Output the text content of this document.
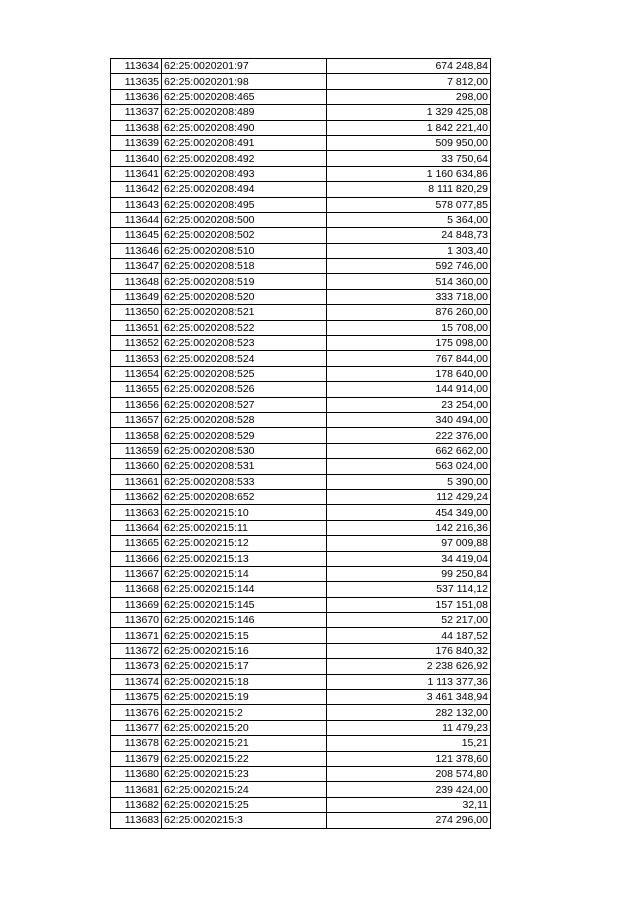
113634	62:25:0020201:97	674 248,84
113635	62:25:0020201:98	7 812,00
113636	62:25:0020208:465	298,00
113637	62:25:0020208:489	1 329 425,08
113638	62:25:0020208:490	1 842 221,40
113639	62:25:0020208:491	509 950,00
113640	62:25:0020208:492	33 750,64
113641	62:25:0020208:493	1 160 634,86
113642	62:25:0020208:494	8 111 820,29
113643	62:25:0020208:495	578 077,85
113644	62:25:0020208:500	5 364,00
113645	62:25:0020208:502	24 848,73
113646	62:25:0020208:510	1 303,40
113647	62:25:0020208:518	592 746,00
113648	62:25:0020208:519	514 360,00
113649	62:25:0020208:520	333 718,00
113650	62:25:0020208:521	876 260,00
113651	62:25:0020208:522	15 708,00
113652	62:25:0020208:523	175 098,00
113653	62:25:0020208:524	767 844,00
113654	62:25:0020208:525	178 640,00
113655	62:25:0020208:526	144 914,00
113656	62:25:0020208:527	23 254,00
113657	62:25:0020208:528	340 494,00
113658	62:25:0020208:529	222 376,00
113659	62:25:0020208:530	662 662,00
113660	62:25:0020208:531	563 024,00
113661	62:25:0020208:533	5 390,00
113662	62:25:0020208:652	112 429,24
113663	62:25:0020215:10	454 349,00
113664	62:25:0020215:11	142 216,36
113665	62:25:0020215:12	97 009,88
113666	62:25:0020215:13	34 419,04
113667	62:25:0020215:14	99 250,84
113668	62:25:0020215:144	537 114,12
113669	62:25:0020215:145	157 151,08
113670	62:25:0020215:146	52 217,00
113671	62:25:0020215:15	44 187,52
113672	62:25:0020215:16	176 840,32
113673	62:25:0020215:17	2 238 626,92
113674	62:25:0020215:18	1 113 377,36
113675	62:25:0020215:19	3 461 348,94
113676	62:25:0020215:2	282 132,00
113677	62:25:0020215:20	11 479,23
113678	62:25:0020215:21	15,21
113679	62:25:0020215:22	121 378,60
113680	62:25:0020215:23	208 574,80
113681	62:25:0020215:24	239 424,00
113682	62:25:0020215:25	32,11
113683	62:25:0020215:3	274 296,00
